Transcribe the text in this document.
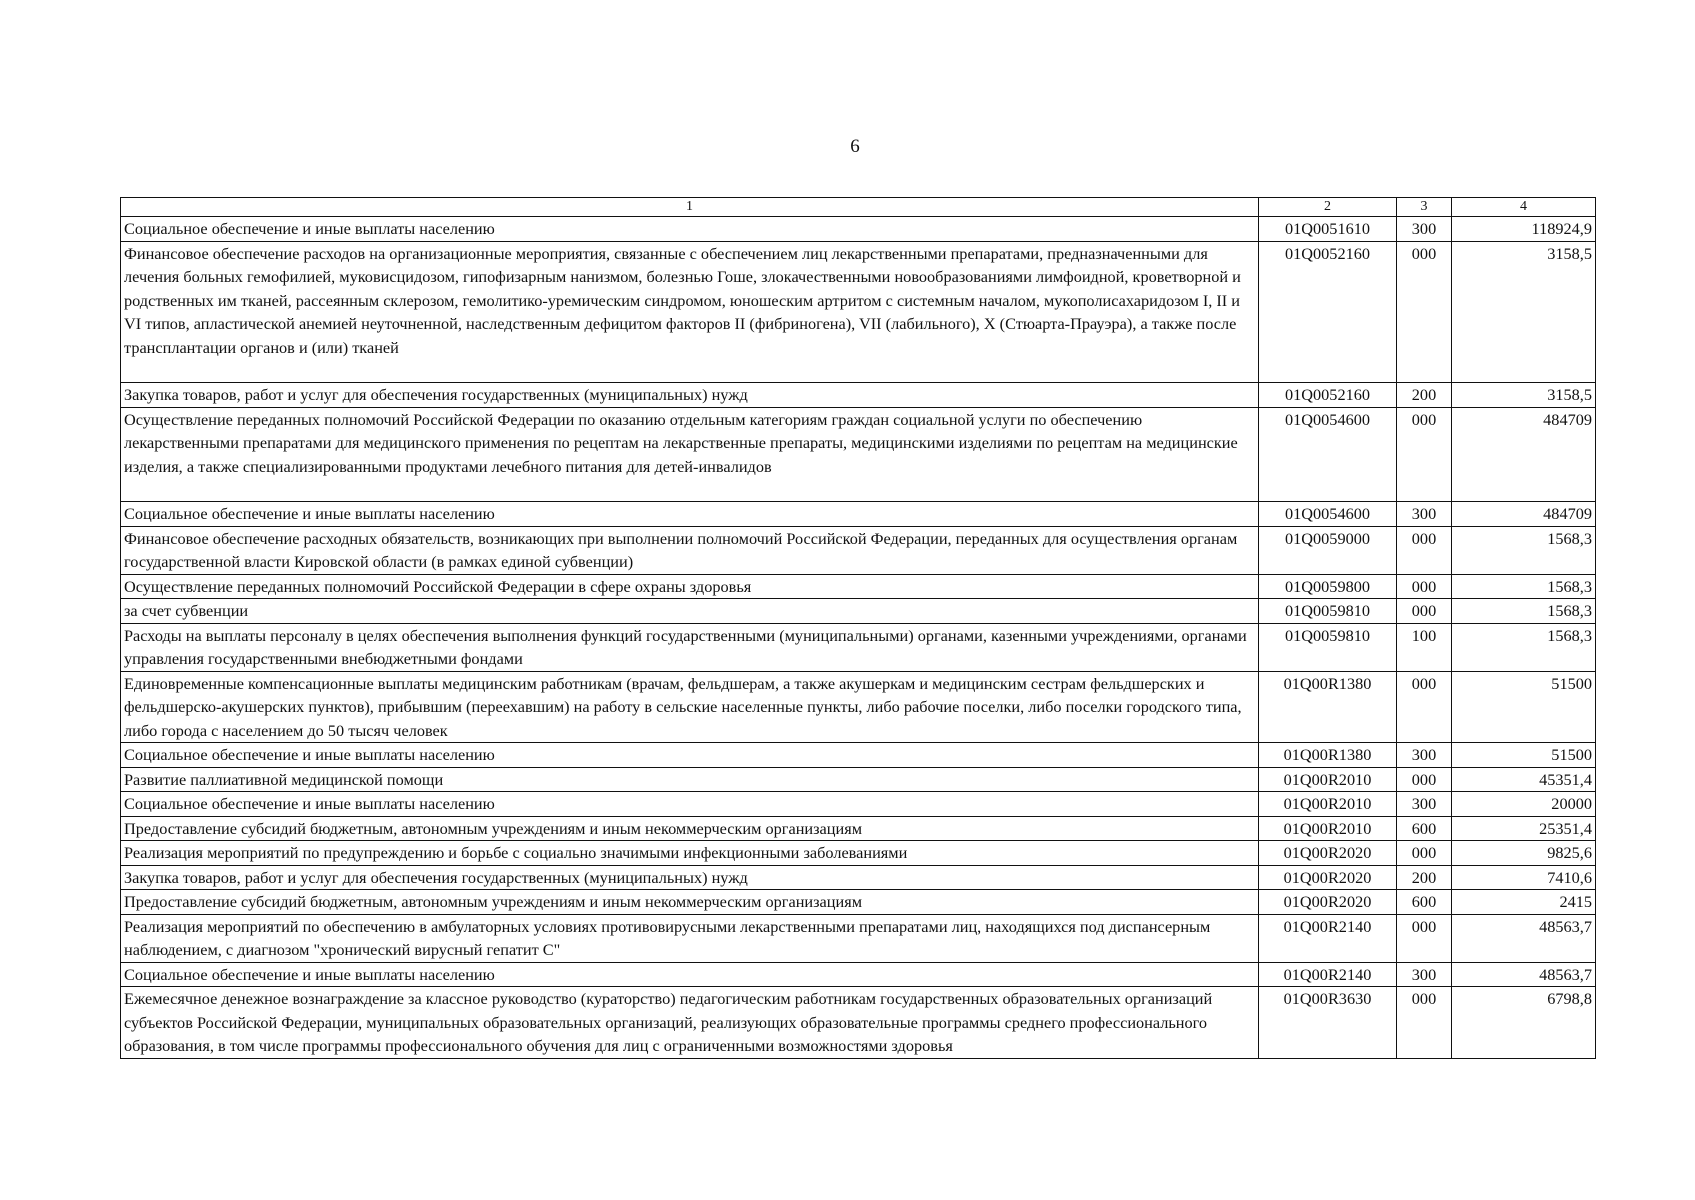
6
1	2	3	4
Социальное обеспечение и иные выплаты населению	01Q0051610	300	118924,9
Финансовое обеспечение расходов на организационные мероприятия, связанные с обеспечением лиц лекарственными препаратами, предназначенными для лечения больных гемофилией, муковисцидозом, гипофизарным нанизмом, болезнью Гоше, злокачественными новообразованиями лимфоидной, кроветворной и родственных им тканей, рассеянным склерозом, гемолитико-уремическим синдромом, юношеским артритом с системным началом, мукополисахаридозом I, II и VI типов, апластической анемией неуточненной, наследственным дефицитом факторов II (фибриногена), VII (лабильного), X (Стюарта-Прауэра), а также после трансплантации органов и (или) тканей	01Q0052160	000	3158,5
Закупка товаров, работ и услуг для обеспечения государственных (муниципальных) нужд	01Q0052160	200	3158,5
Осуществление переданных полномочий Российской Федерации по оказанию отдельным категориям граждан социальной услуги по обеспечению лекарственными препаратами для медицинского применения по рецептам на лекарственные препараты, медицинскими изделиями по рецептам на медицинские изделия, а также специализированными продуктами лечебного питания для детей-инвалидов	01Q0054600	000	484709
Социальное обеспечение и иные выплаты населению	01Q0054600	300	484709
Финансовое обеспечение расходных обязательств, возникающих при выполнении полномочий Российской Федерации, переданных для осуществления органам государственной власти Кировской области (в рамках единой субвенции)	01Q0059000	000	1568,3
Осуществление переданных полномочий Российской Федерации в сфере охраны здоровья	01Q0059800	000	1568,3
за счет субвенции	01Q0059810	000	1568,3
Расходы на выплаты персоналу в целях обеспечения выполнения функций государственными (муниципальными) органами, казенными учреждениями, органами управления государственными внебюджетными фондами	01Q0059810	100	1568,3
Единовременные компенсационные выплаты медицинским работникам (врачам, фельдшерам, а также акушеркам и медицинским сестрам фельдшерских и фельдшерско-акушерских пунктов), прибывшим (переехавшим) на работу в сельские населенные пункты, либо рабочие поселки, либо поселки городского типа, либо города с населением до 50 тысяч человек	01Q00R1380	000	51500
Социальное обеспечение и иные выплаты населению	01Q00R1380	300	51500
Развитие паллиативной медицинской помощи	01Q00R2010	000	45351,4
Социальное обеспечение и иные выплаты населению	01Q00R2010	300	20000
Предоставление субсидий бюджетным, автономным учреждениям и иным некоммерческим организациям	01Q00R2010	600	25351,4
Реализация мероприятий по предупреждению и борьбе с социально значимыми инфекционными заболеваниями	01Q00R2020	000	9825,6
Закупка товаров, работ и услуг для обеспечения государственных (муниципальных) нужд	01Q00R2020	200	7410,6
Предоставление субсидий бюджетным, автономным учреждениям и иным некоммерческим организациям	01Q00R2020	600	2415
Реализация мероприятий по обеспечению в амбулаторных условиях противовирусными лекарственными препаратами лиц, находящихся под диспансерным наблюдением, с диагнозом "хронический вирусный гепатит С"	01Q00R2140	000	48563,7
Социальное обеспечение и иные выплаты населению	01Q00R2140	300	48563,7
Ежемесячное денежное вознаграждение за классное руководство (кураторство) педагогическим работникам государственных образовательных организаций субъектов Российской Федерации, муниципальных образовательных организаций, реализующих образовательные программы среднего профессионального образования, в том числе программы профессионального обучения для лиц с ограниченными возможностями здоровья	01Q00R3630	000	6798,8
